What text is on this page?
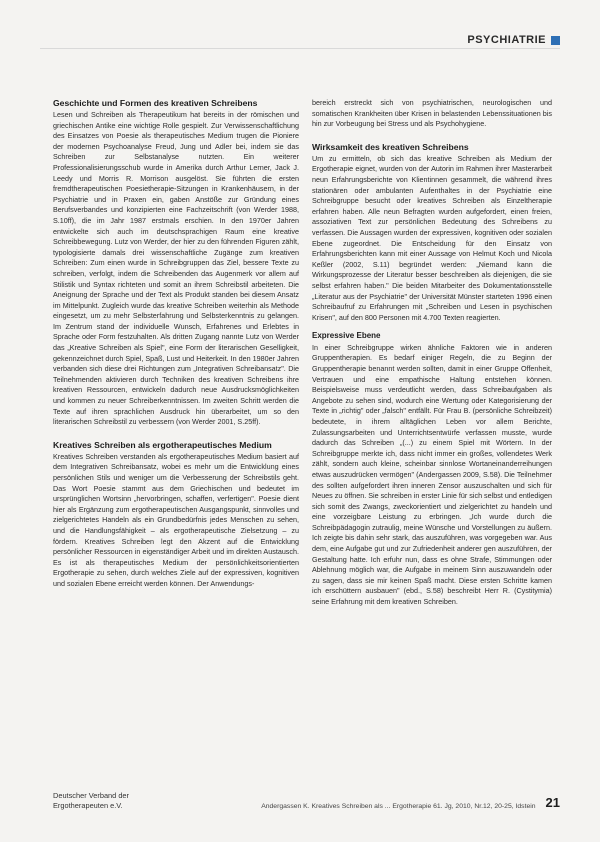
PSYCHIATRIE
Geschichte und Formen des kreativen Schreibens

Lesen und Schreiben als Therapeutikum hat bereits in der römischen und griechischen Antike eine wichtige Rolle gespielt. Zur Verwissenschaftlichung des Einsatzes von Poesie als therapeutisches Medium trugen die Pioniere der modernen Psychoanalyse Freud, Jung und Adler bei, indem sie das Schreiben zur Selbstanalyse nutzten. Ein weiterer Professionalisierungsschub wurde in Amerika durch Arthur Lerner, Jack J. Leedy und Morris R. Morrison ausgelöst. Sie führten die ersten fremdtherapeutischen Poesietherapie-Sitzungen in Krankenhäusern, in der Psychiatrie und in Praxen ein, gaben Anstöße zur Gründung eines Berufsverbandes und konzipierten eine Fachzeitschrift (von Werder 1988, S.10ff), die im Jahr 1987 erstmals erschien. In den 1970er Jahren entwickelte sich auch im deutschsprachigen Raum eine kreative Schreibbewegung. Lutz von Werder, der hier zu den führenden Figuren zählt, typologisierte damals drei wissenschaftliche Zugänge zum kreativen Schreiben: Zum einen wurde in Schreibgruppen das Ziel, bessere Texte zu schreiben, verfolgt, indem die Schreibenden das Augenmerk vor allem auf Stilistik und Syntax richteten und somit an ihrem Schreibstil arbeiteten. Die Aneignung der Sprache und der Text als Produkt standen bei diesem Ansatz im Mittelpunkt. Zugleich wurde das kreative Schreiben weiterhin als Methode eingesetzt, um zu mehr Selbsterfahrung und Selbsterkenntnis zu gelangen. Im Zentrum stand der individuelle Wunsch, Erfahrenes und Erlebtes in Sprache oder Form festzuhalten. Als dritten Zugang nannte Lutz von Werder das „Kreative Schreiben als Spiel", eine Form der literarischen Geselligkeit, gekennzeichnet durch Spiel, Spaß, Lust und Heiterkeit. In den 1980er Jahren verbanden sich diese drei Richtungen zum „Integrativen Schreibansatz". Die Teilnehmenden aktivieren durch Techniken des kreativen Schreibens ihre kreativen Ressourcen, entwickeln dadurch neue Ausdrucksmöglichkeiten und kommen zu neuer Schreiberkenntnissen. Im zweiten Schritt werden die Texte auf ihren sprachlichen Ausdruck hin überarbeitet, um so den literarischen Schreibstil zu verbessern (von Werder 2001, S.25ff).

Kreatives Schreiben als ergotherapeutisches Medium

Kreatives Schreiben verstanden als ergotherapeutisches Medium basiert auf dem Integrativen Schreibansatz, wobei es mehr um die Entwicklung eines persönlichen Stils und weniger um die Verbesserung der Schreibstils geht. Das Wort Poesie stammt aus dem Griechischen und bedeutet im ursprünglichen Wortsinn „hervorbringen, schaffen, verfertigen". Poesie dient hier als Ergänzung zum ergotherapeutischen Ausgangspunkt, sinnvolles und zielgerichtetes Handeln als ein Grundbedürfnis jedes Menschen zu sehen, und die Handlungsfähigkeit – als ergotherapeutische Zielsetzung – zu fördern. Kreatives Schreiben legt den Akzent auf die Entwicklung persönlicher Ressourcen in eigenständiger Arbeit und im direkten Austausch. Es ist als therapeutisches Medium der persönlichkeitsorientierten Ergotherapie zu sehen, durch welches Ziele auf der expressiven, kognitiven und sozialen Ebene erreicht werden können. Der Anwendungs-

bereich erstreckt sich von psychiatrischen, neurologischen und somatischen Krankheiten über Krisen in belastenden Lebenssituationen bis hin zur Vorbeugung bei Stress und als Psychohygiene.

Wirksamkeit des kreativen Schreibens

Um zu ermitteln, ob sich das kreative Schreiben als Medium der Ergotherapie eignet, wurden von der Autorin im Rahmen ihrer Masterarbeit neun Erfahrungsberichte von Klientinnen gesammelt, die während ihres stationären oder ambulanten Aufenthaltes in der Psychiatrie eine Schreibgruppe besucht oder kreatives Schreiben als Einzeltherapie erfahren haben. Alle neun Befragten wurden aufgefordert, einen freien, assoziativen Text zur persönlichen Bedeutung des Schreibens zu verfassen. Die Aussagen wurden der expressiven, kognitiven oder sozialen Ebene zugeordnet. Die Entscheidung für den Einsatz von Erfahrungsberichten kann mit einer Aussage von Helmut Koch und Nicola Keßler (2002, S.11) begründet werden: „Niemand kann die Wirkungsprozesse der Literatur besser beschreiben als diejenigen, die sie selbst erfahren haben." Die beiden Mitarbeiter des Dokumentationsstelle „Literatur aus der Psychiatrie" der Universität Münster starteten 1996 einen Schreibaufruf zu Erfahrungen mit „Schreiben und Lesen in psychischen Krisen", auf den 800 Personen mit 4.700 Texten reagierten.

Expressive Ebene

In einer Schreibgruppe wirken ähnliche Faktoren wie in anderen Gruppentherapien. Es bedarf einiger Regeln, die zu Beginn der Gruppentherapie benannt werden sollten, damit in einer Gruppe Offenheit, Vertrauen und eine empathische Haltung entstehen können. Beispielsweise muss verdeutlicht werden, dass Schreibaufgaben als Angebote zu sehen sind, wodurch eine Wertung oder Kategorisierung der Texte in „richtig" oder „falsch" entfällt. Für Frau B. (persönliche Schreibzeit) bedeutete, in ihrem alltäglichen Leben vor allem Berichte, Zulassungsarbeiten und Unterrichtsentwürfe verfassen musste, wurde dadurch das Schreiben „(...) zu einem Spiel mit Wörtern. In der Schreibgruppe merkte ich, dass nicht immer ein großes, vollendetes Werk zählt, sondern auch kleine, scheinbar sinnlose Wortaneinanderreihungen etwas auszudrücken vermögen" (Andergassen 2009, S.58). Die Teilnehmer des sollten aufgefordert ihren inneren Zensor auszuschalten und sich für Neues zu öffnen. Sie schreiben in erster Linie für sich selbst und entledigen sich somit des Zwangs, zweckorientiert und zielgerichtet zu handeln und eine vorzeigbare Leistung zu erbringen. „Ich wurde durch die Schreibpädagogin zutraulig, meine Wünsche und Vorstellungen zu äußern. Ich zeigte bis dahin sehr stark, das auszuführen, was vorgegeben war. Aus dem, eine Aufgabe gut und zur Zufriedenheit anderer gen auszuführen, der Gestaltung hatte. Ich erfuhr nun, dass es ohne Strafe, Stimmungen oder Ablehnung möglich war, die Aufgabe in meinem Sinn auszuwandeln oder zu sagen, dass sie mir keinen Spaß macht. Diese ersten Schritte kamen ich erschüttern ausbauen" (ebd., S.58) beschreibt Herr R. (Cystitymia) seine Erfahrung mit dem kreativen Schreiben.

Deutscher Verband der
Ergotherapeuten e.V.	Andergassen K. Kreatives Schreiben als ... Ergotherapie 61. Jg, 2010, Nr.12, 20-25, Idstein 21
